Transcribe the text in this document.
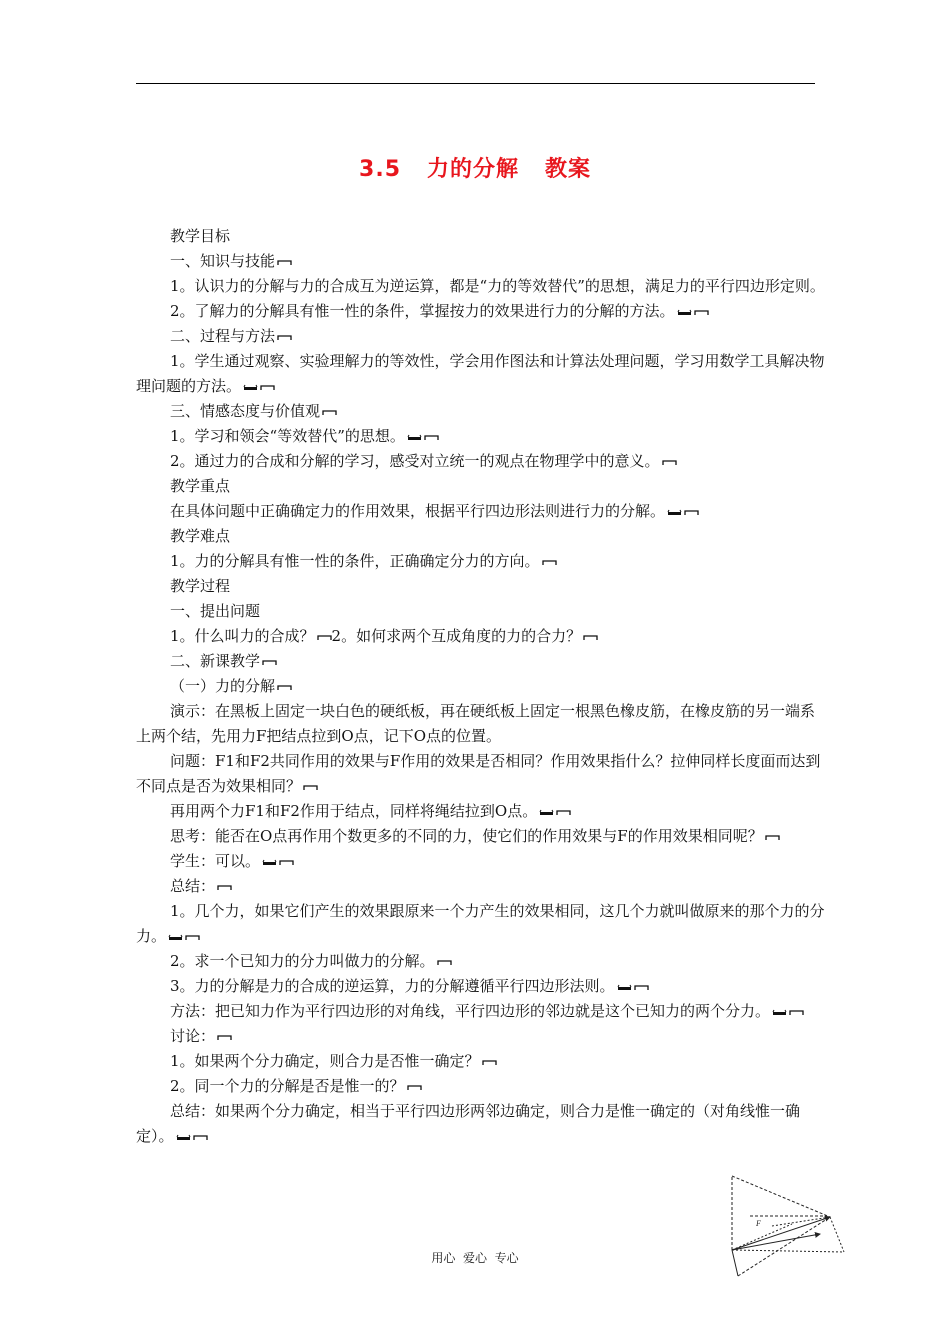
3.5   力的分解   教案

教学目标

一、知识与技能

1。认识力的分解与力的合成互为逆运算，都是“力的等效替代”的思想，满足力的平行四边形定则。

2。了解力的分解具有惟一性的条件，掌握按力的效果进行力的分解的方法。

二、过程与方法

1。学生通过观察、实验理解力的等效性，学会用作图法和计算法处理问题，学习用数学工具解决物理问题的方法。

三、情感态度与价值观

1。学习和领会“等效替代”的思想。

2。通过力的合成和分解的学习，感受对立统一的观点在物理学中的意义。

教学重点

在具体问题中正确确定力的作用效果，根据平行四边形法则进行力的分解。

教学难点

1。力的分解具有惟一性的条件，正确确定分力的方向。

教学过程

一、提出问题

1。什么叫力的合成？ 2。如何求两个互成角度的力的合力？

二、新课教学

（一）力的分解

演示：在黑板上固定一块白色的硬纸板，再在硬纸板上固定一根黑色橡皮筋，在橡皮筋的另一端系上两个结，先用力F把结点拉到O点，记下O点的位置。

问题：F1和F2共同作用的效果与F作用的效果是否相同？作用效果指什么？拉伸同样长度面而达到不同点是否为效果相同？

再用两个力F1和F2作用于结点，同样将绳结拉到O点。

思考：能否在O点再作用个数更多的不同的力，使它们的作用效果与F的作用效果相同呢？

学生：可以。

总结：

1。几个力，如果它们产生的效果跟原来一个力产生的效果相同，这几个力就叫做原来的那个力的分力。

2。求一个已知力的分力叫做力的分解。

3。力的分解是力的合成的逆运算，力的分解遵循平行四边形法则。

方法：把已知力作为平行四边形的对角线，平行四边形的邻边就是这个已知力的两个分力。

讨论：

1。如果两个分力确定，则合力是否惟一确定？

2。同一个力的分解是否是惟一的？

总结：如果两个分力确定，相当于平行四边形两邻边确定，则合力是惟一确定的（对角线惟一确定）。

F
用心  爱心  专心
